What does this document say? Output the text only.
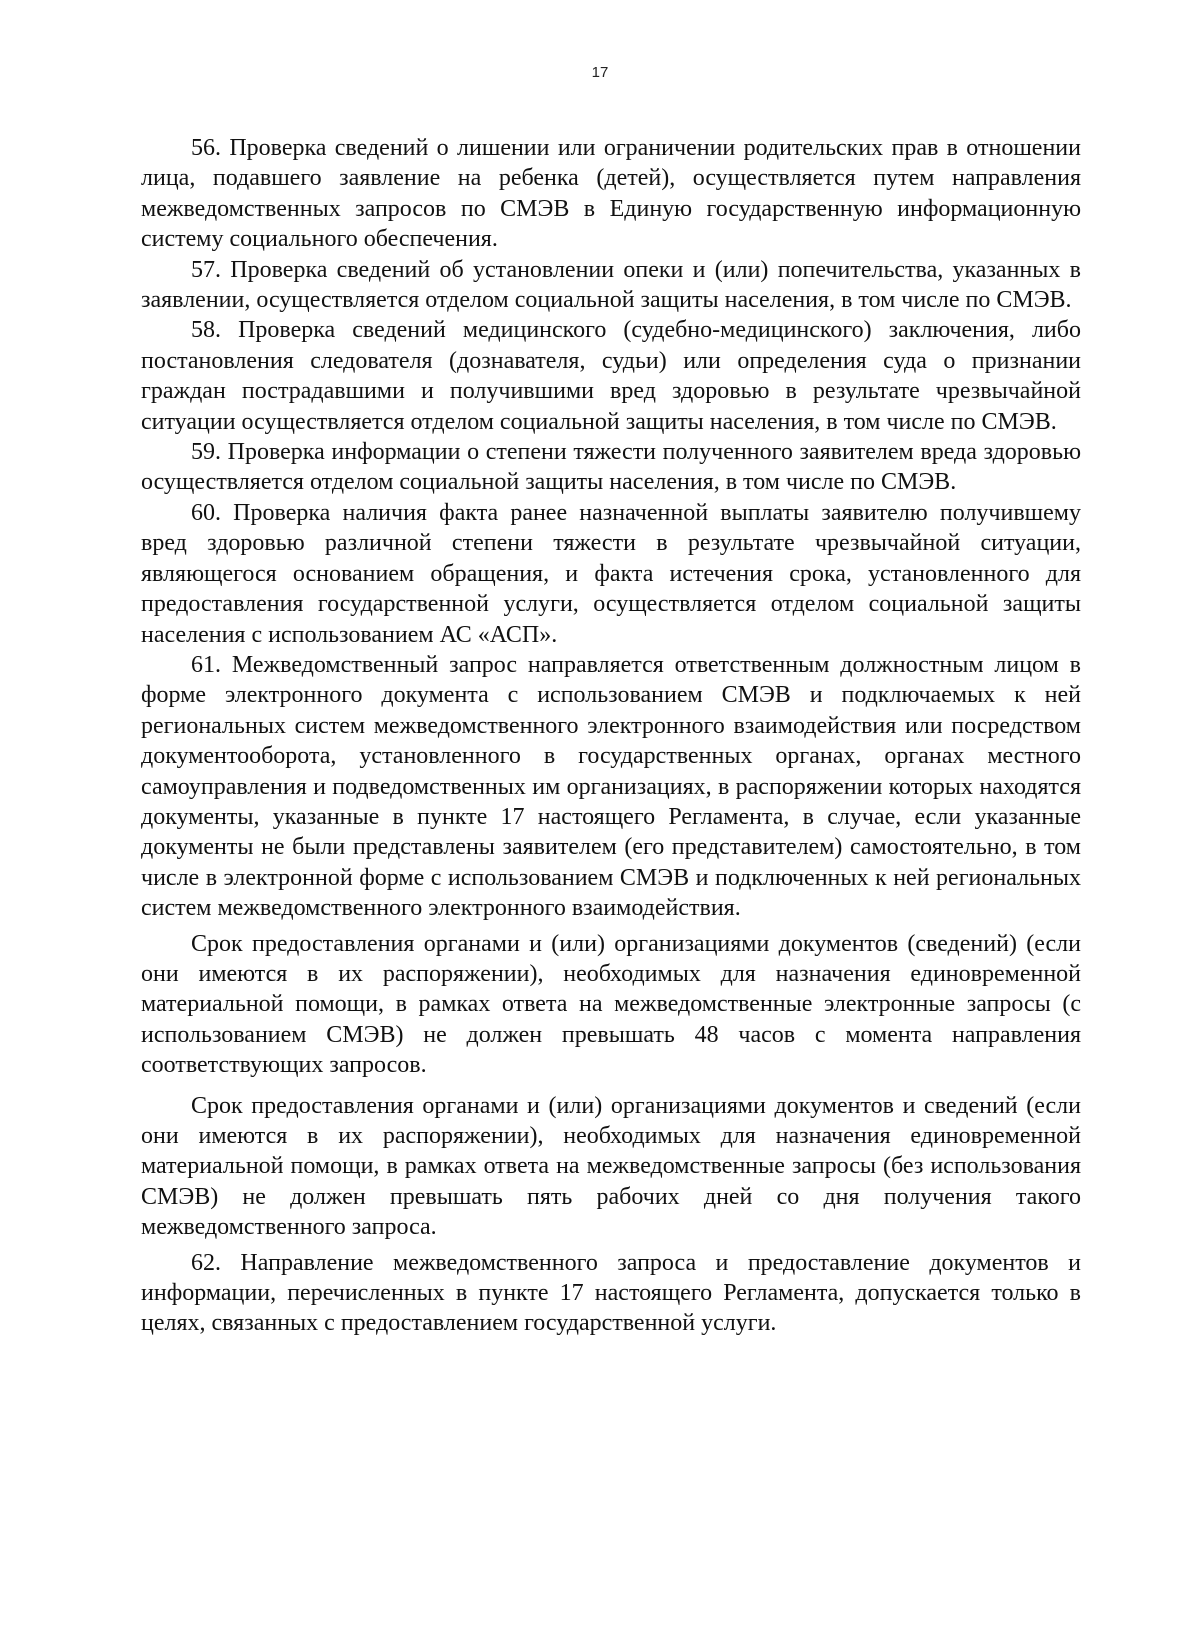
17

56. Проверка сведений о лишении или ограничении родительских прав в отношении лица, подавшего заявление на ребенка (детей), осуществляется путем направления межведомственных запросов по СМЭВ в Единую государственную информационную систему социального обеспечения.

57. Проверка сведений об установлении опеки и (или) попечительства, указанных в заявлении, осуществляется отделом социальной защиты населения, в том числе по СМЭВ.

58. Проверка сведений медицинского (судебно-медицинского) заключения, либо постановления следователя (дознавателя, судьи) или определения суда о признании граждан пострадавшими и получившими вред здоровью в результате чрезвычайной ситуации осуществляется отделом социальной защиты населения, в том числе по СМЭВ.

59. Проверка информации о степени тяжести полученного заявителем вреда здоровью осуществляется отделом социальной защиты населения, в том числе по СМЭВ.

60. Проверка наличия факта ранее назначенной выплаты заявителю получившему вред здоровью различной степени тяжести в результате чрезвычайной ситуации, являющегося основанием обращения, и факта истечения срока, установленного для предоставления государственной услуги, осуществляется отделом социальной защиты населения с использованием АС «АСП».

61. Межведомственный запрос направляется ответственным должностным лицом в форме электронного документа с использованием СМЭВ и подключаемых к ней региональных систем межведомственного электронного взаимодействия или посредством документооборота, установленного в государственных органах, органах местного самоуправления и подведомственных им организациях, в распоряжении которых находятся документы, указанные в пункте 17 настоящего Регламента, в случае, если указанные документы не были представлены заявителем (его представителем) самостоятельно, в том числе в электронной форме с использованием СМЭВ и подключенных к ней региональных систем межведомственного электронного взаимодействия.

Срок предоставления органами и (или) организациями документов (сведений) (если они имеются в их распоряжении), необходимых для назначения единовременной материальной помощи, в рамках ответа на межведомственные электронные запросы (с использованием СМЭВ) не должен превышать 48 часов с момента направления соответствующих запросов.

Срок предоставления органами и (или) организациями документов и сведений (если они имеются в их распоряжении), необходимых для назначения единовременной материальной помощи, в рамках ответа на межведомственные запросы (без использования СМЭВ) не должен превышать пять рабочих дней со дня получения такого межведомственного запроса.

62. Направление межведомственного запроса и предоставление документов и информации, перечисленных в пункте 17 настоящего Регламента, допускается только в целях, связанных с предоставлением государственной услуги.
